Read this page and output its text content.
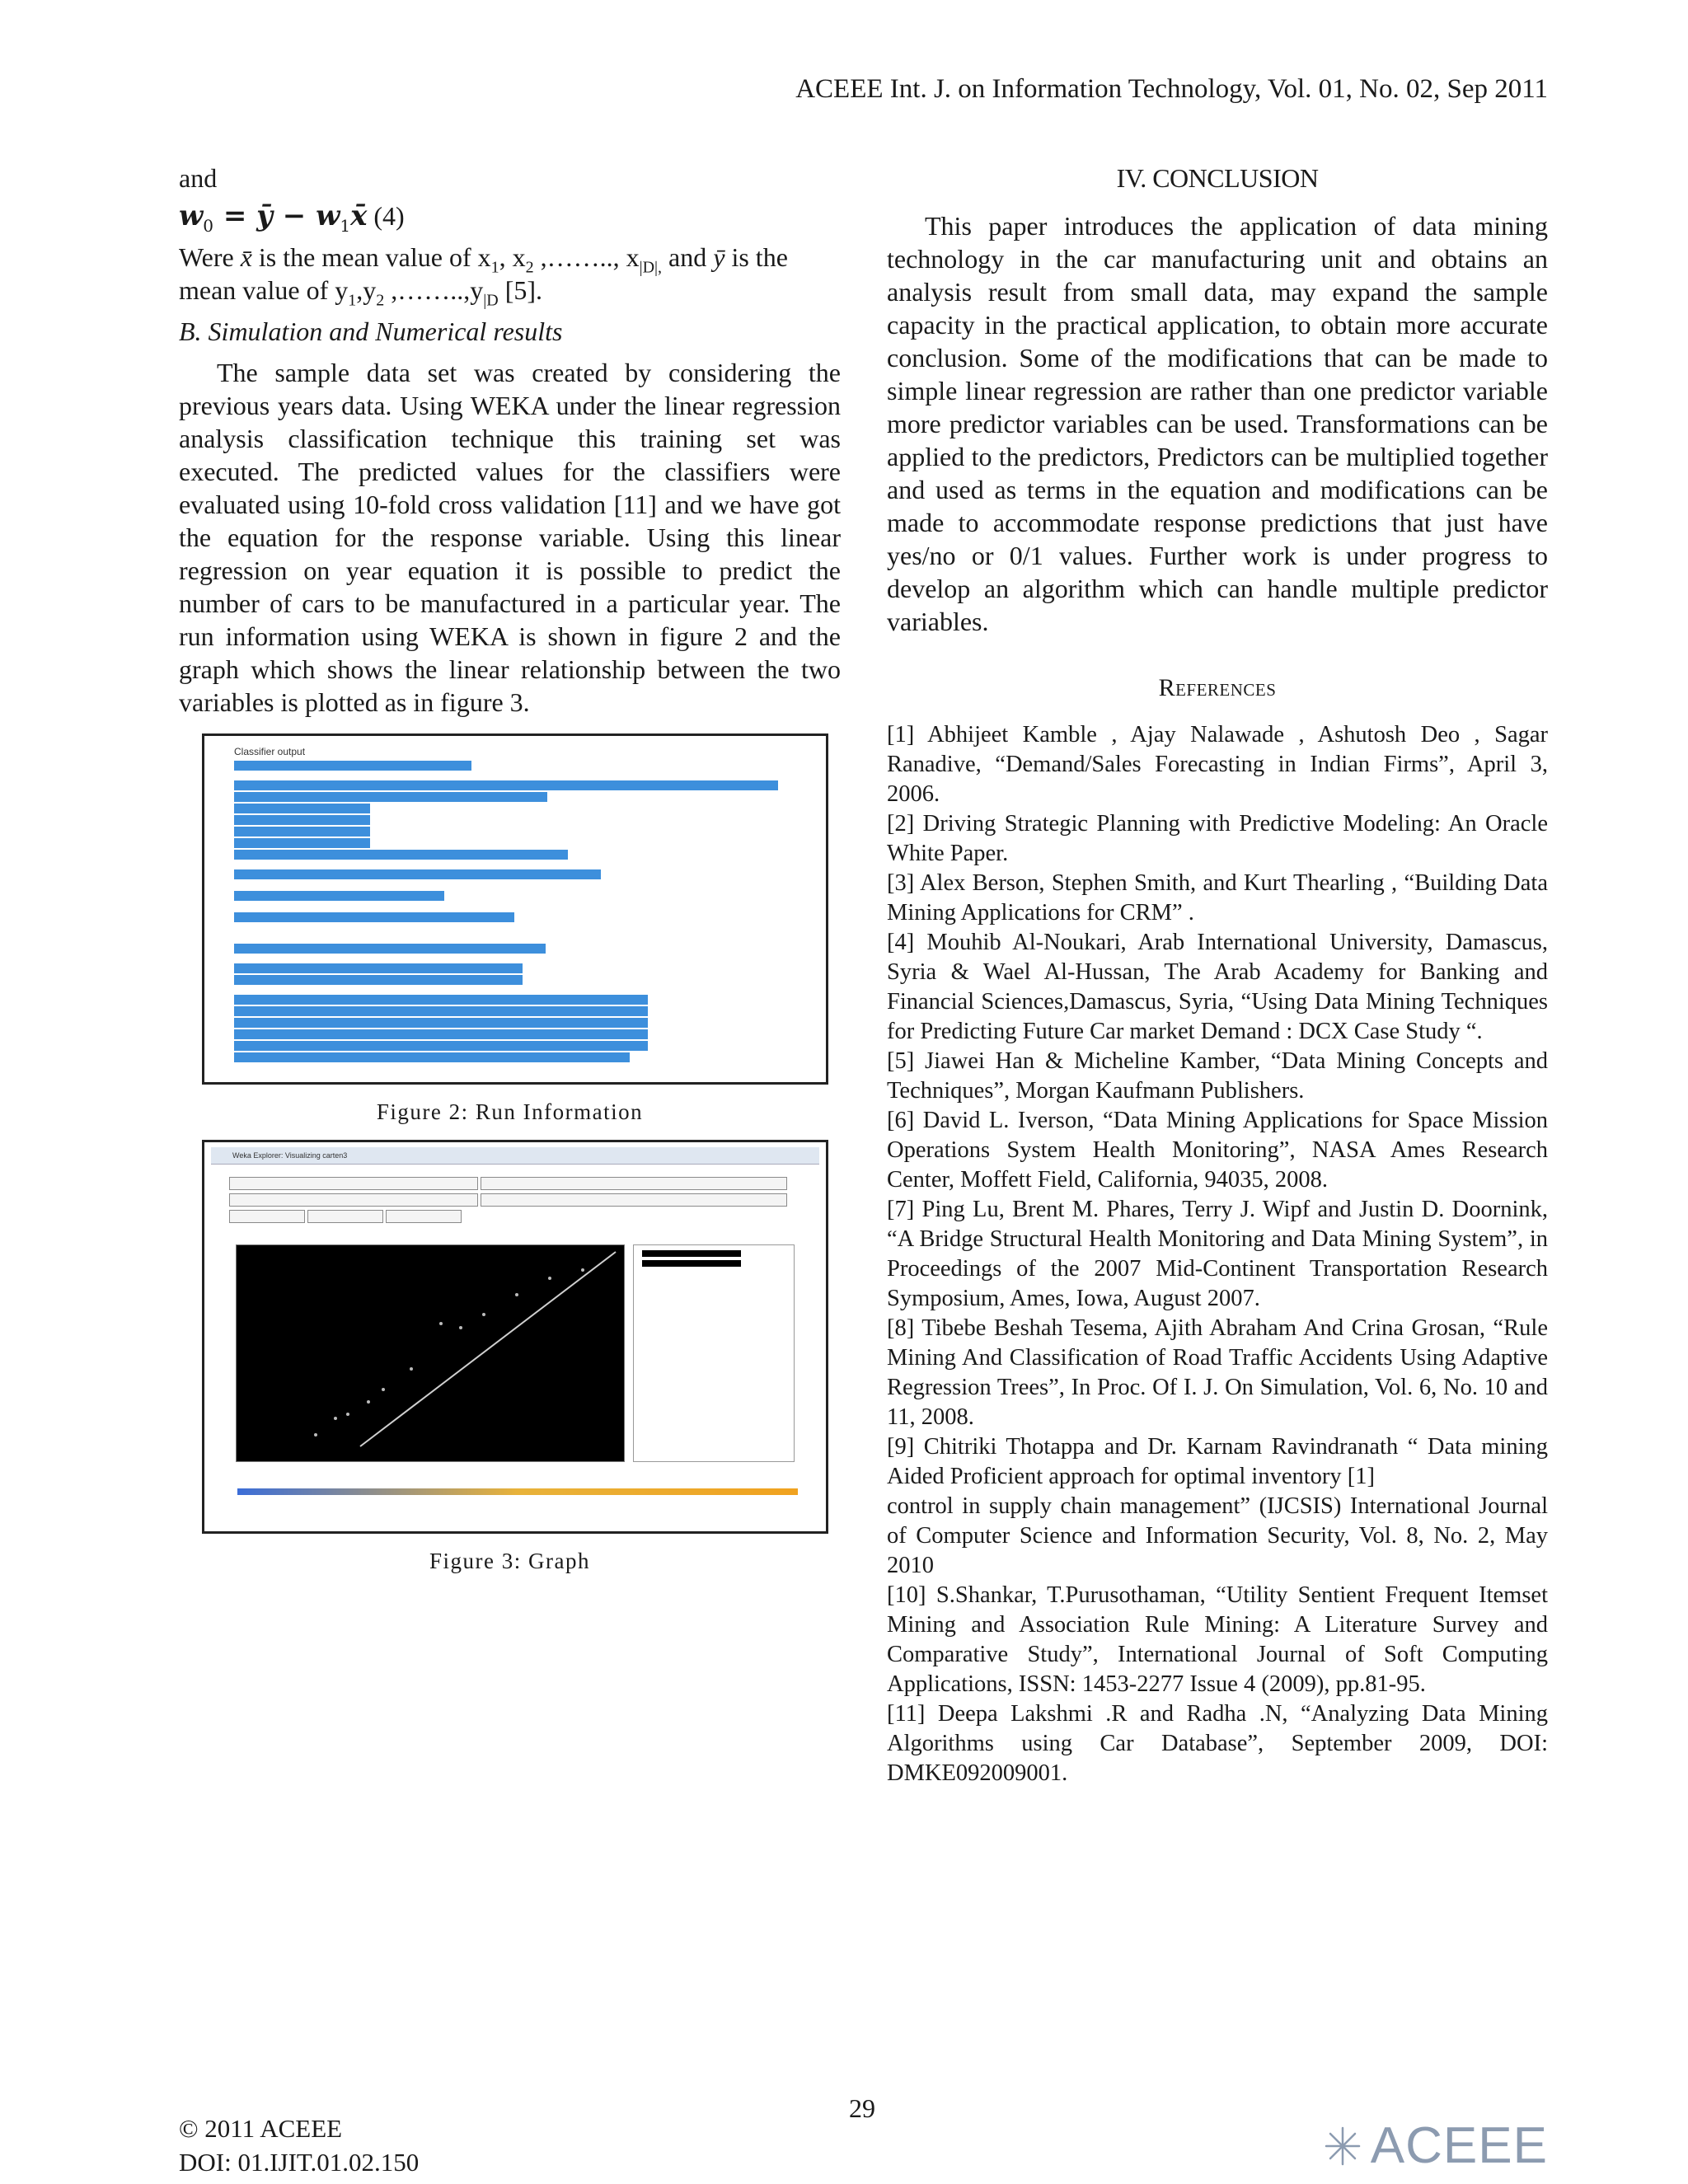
ACEEE Int. J. on Information Technology, Vol. 01, No. 02, Sep 2011

and

$w_0$ = ȳ − $w_1x̄$ (4)

Were x̄ is the mean value of $x_1$, $x_2$ ,…….., $x_{|D|,}$ and ȳ is the
mean value of $y_1,y_2$ $,\dots\dots..,y_{|D}$ [5].

B. Simulation and Numerical results

The sample data set was created by considering the previous years data. Using WEKA under the linear regression analysis classification technique this training set was executed. The predicted values for the classifiers were evaluated using 10-fold cross validation [11] and we have got the equation for the response variable. Using this linear regression on year equation it is possible to predict the number of cars to be manufactured in a particular year. The run information using WEKA is shown in figure 2 and the graph which shows the linear relationship between the two variables is plotted as in figure 3.

Classifier output
Figure 2: Run Information
Weka Explorer: Visualizing carten3
Figure 3: Graph

IV. CONCLUSION

This paper introduces the application of data mining technology in the car manufacturing unit and obtains an analysis result from small data, may expand the sample capacity in the practical application, to obtain more accurate conclusion. Some of the modifications that can be made to simple linear regression are rather than one predictor variable more predictor variables can be used. Transformations can be applied to the predictors, Predictors can be multiplied together and used as terms in the equation and modifications can be made to accommodate response predictions that just have yes/no or 0/1 values. Further work is under progress to develop an algorithm which can handle multiple predictor variables.

References

[1] Abhijeet Kamble , Ajay Nalawade , Ashutosh Deo , Sagar Ranadive, “Demand/Sales Forecasting in Indian Firms”, April 3, 2006.

[2] Driving Strategic Planning with Predictive Modeling: An Oracle White Paper.

[3] Alex Berson, Stephen Smith, and Kurt Thearling , “Building Data Mining Applications for CRM” .

[4] Mouhib Al-Noukari, Arab International University, Damascus, Syria & Wael Al-Hussan, The Arab Academy for Banking and Financial Sciences,Damascus, Syria, “Using Data Mining Techniques for Predicting Future Car market Demand : DCX Case Study “.

[5] Jiawei Han & Micheline Kamber, “Data Mining Concepts and Techniques”, Morgan Kaufmann Publishers.

[6] David L. Iverson, “Data Mining Applications for Space Mission Operations System Health Monitoring”, NASA Ames Research Center, Moffett Field, California, 94035, 2008.

[7] Ping Lu, Brent M. Phares, Terry J. Wipf and Justin D. Doornink, “A Bridge Structural Health Monitoring and Data Mining System”, in Proceedings of the 2007 Mid-Continent Transportation Research Symposium, Ames, Iowa, August 2007.

[8] Tibebe Beshah Tesema, Ajith Abraham And Crina Grosan, “Rule Mining And Classification of Road Traffic Accidents Using Adaptive Regression Trees”, In Proc. Of I. J. On Simulation, Vol. 6, No. 10 and 11, 2008.

[9] Chitriki Thotappa and Dr. Karnam Ravindranath “ Data mining Aided Proficient approach for optimal inventory [1]

control in supply chain management” (IJCSIS) International Journal of Computer Science and Information Security, Vol. 8, No. 2, May 2010

[10] S.Shankar, T.Purusothaman, “Utility Sentient Frequent Itemset Mining and Association Rule Mining: A Literature Survey and Comparative Study”, International Journal of Soft Computing Applications, ISSN: 1453-2277 Issue 4 (2009), pp.81-95.

[11] Deepa Lakshmi .R and Radha .N, “Analyzing Data Mining Algorithms using Car Database”, September 2009, DOI: DMKE092009001.

29
© 2011 ACEEE
DOI: 01.IJIT.01.02.150	ACEEE
